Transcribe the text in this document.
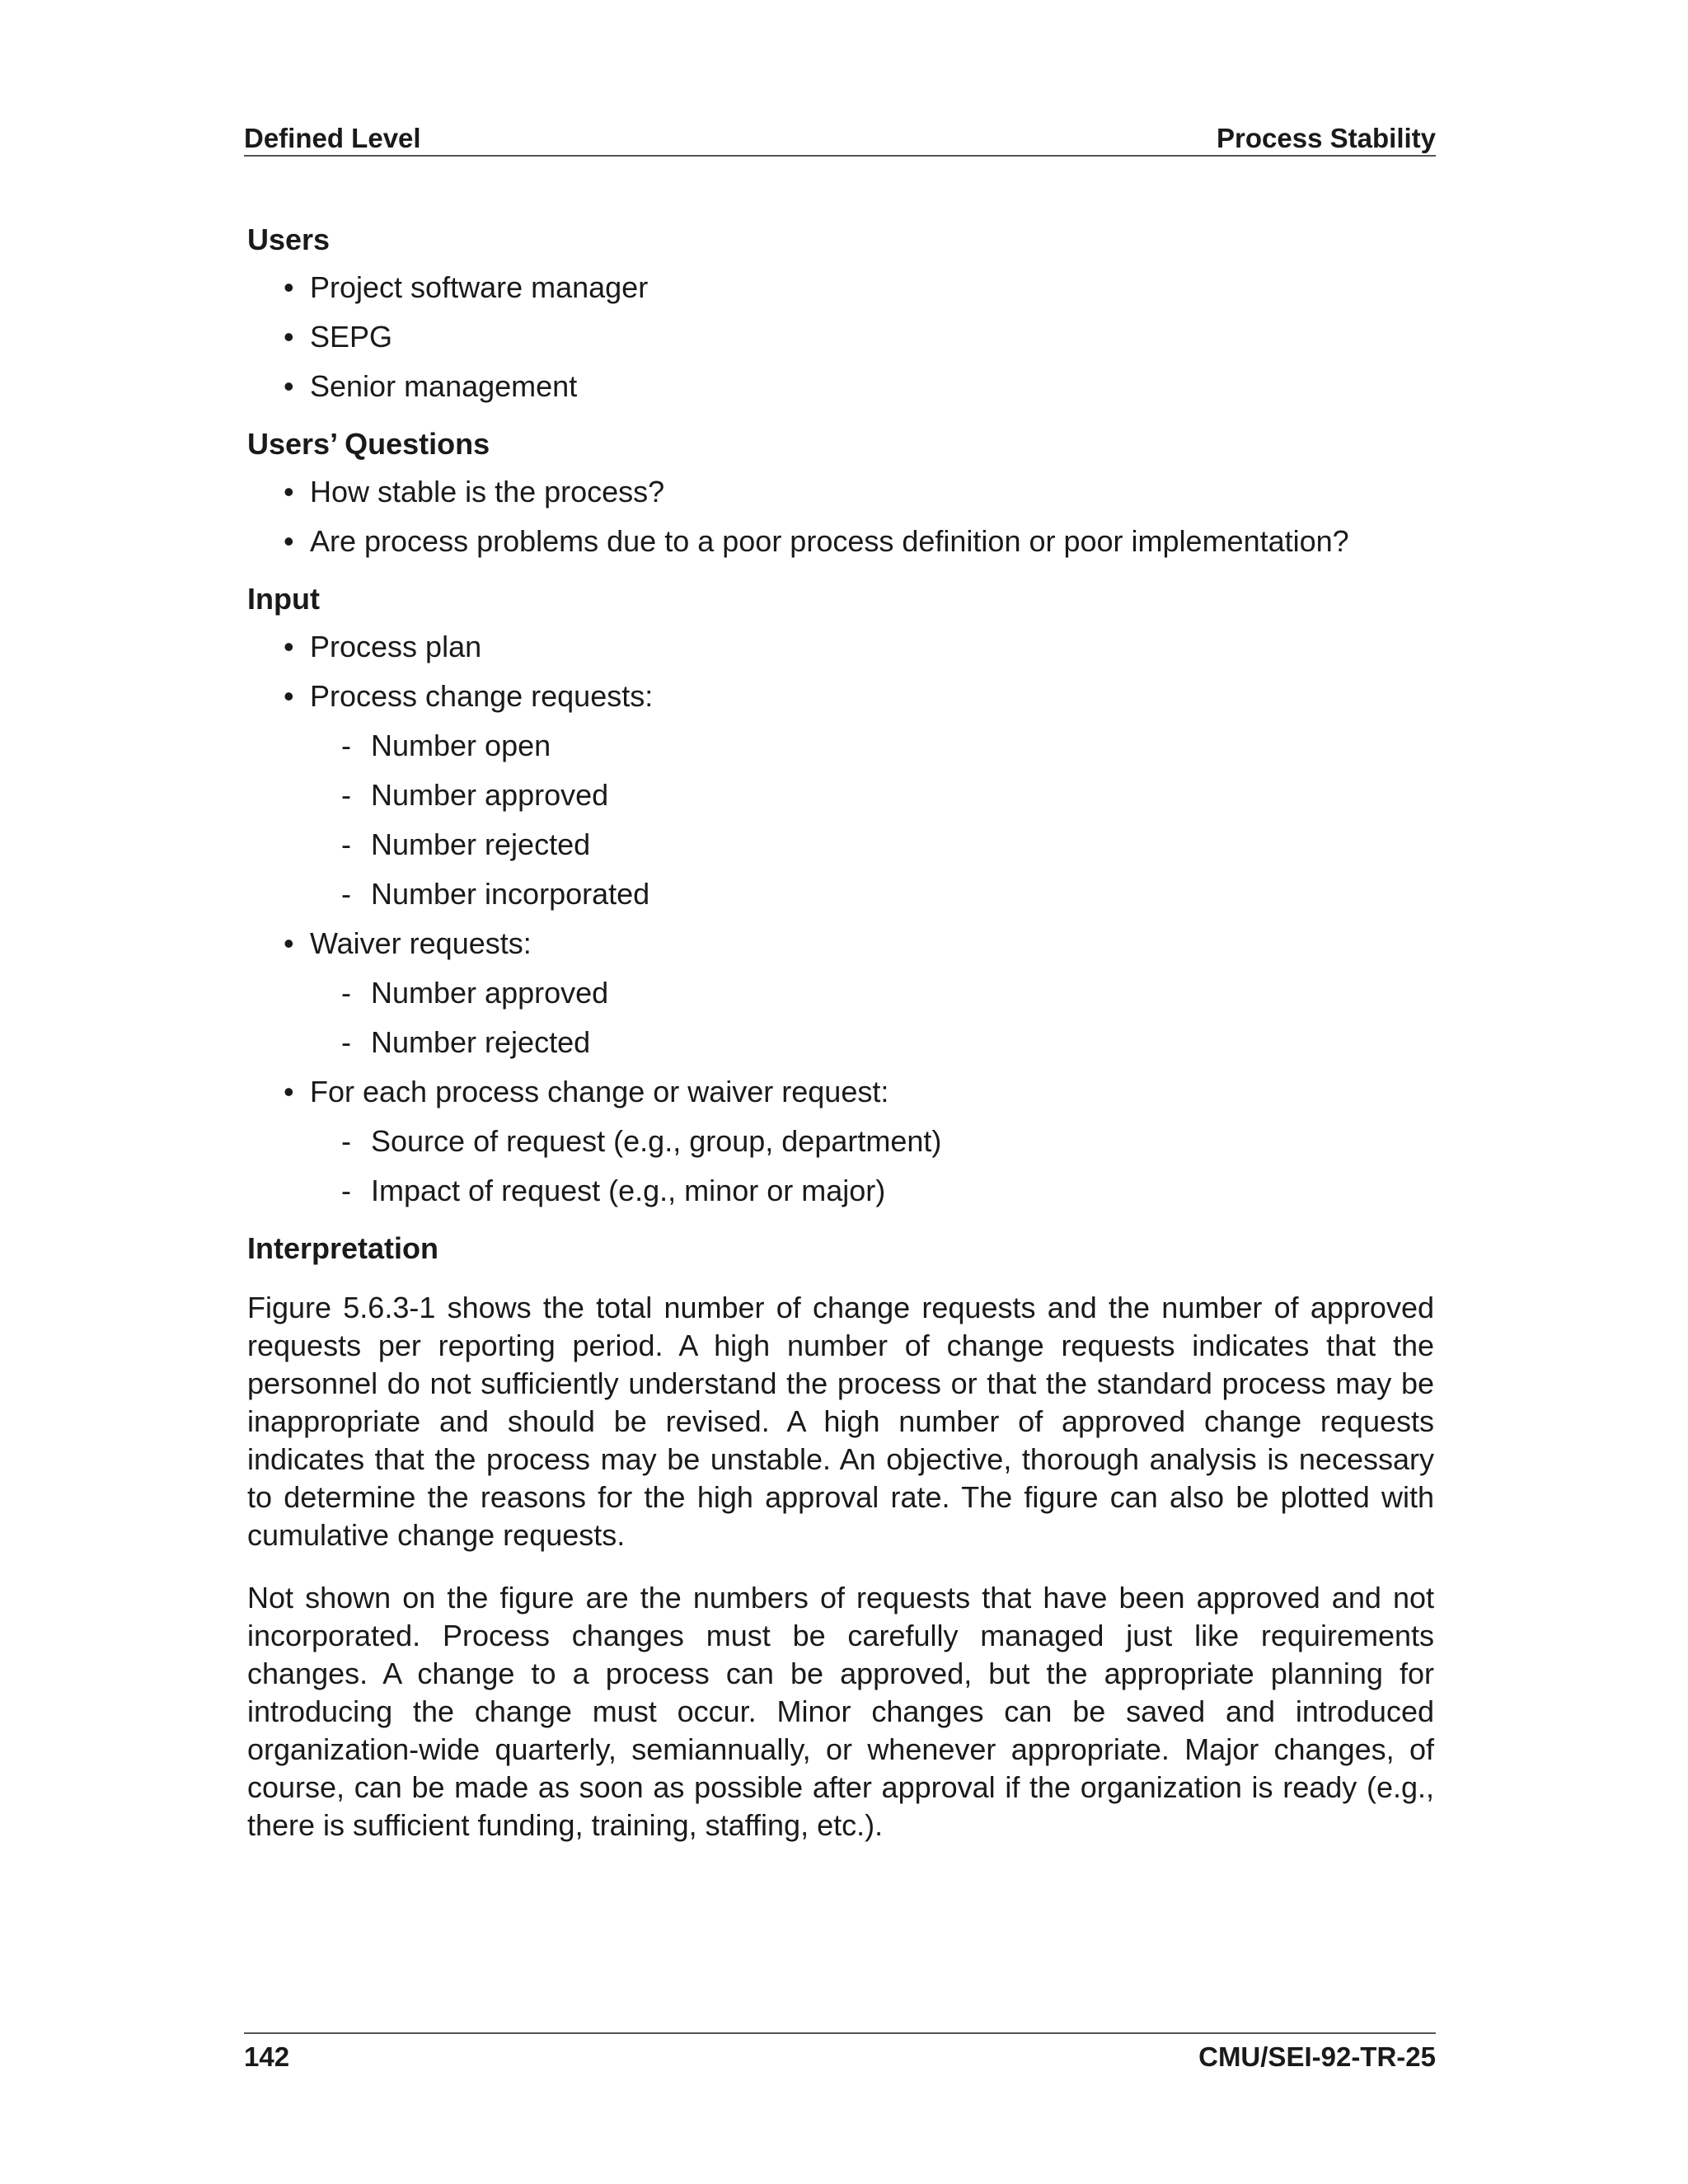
Defined Level	Process Stability
Users
• Project software manager
• SEPG
• Senior management
Users’ Questions
• How stable is the process?
• Are process problems due to a poor process definition or poor implementation?
Input
• Process plan
• Process change requests:
- Number open
- Number approved
- Number rejected
- Number incorporated
• Waiver requests:
- Number approved
- Number rejected
• For each process change or waiver request:
- Source of request (e.g., group, department)
- Impact of request (e.g., minor or major)
Interpretation

Figure 5.6.3-1 shows the total number of change requests and the number of approved requests per reporting period. A high number of change requests indicates that the personnel do not sufficiently understand the process or that the standard process may be inappropriate and should be revised. A high number of approved change requests indicates that the process may be unstable. An objective, thorough analysis is necessary to determine the reasons for the high approval rate. The figure can also be plotted with cumulative change requests.

Not shown on the figure are the numbers of requests that have been approved and not incorporated. Process changes must be carefully managed just like requirements changes. A change to a process can be approved, but the appropriate planning for introducing the change must occur. Minor changes can be saved and introduced organization-wide quarterly, semiannually, or whenever appropriate. Major changes, of course, can be made as soon as possible after approval if the organization is ready (e.g., there is sufficient funding, training, staffing, etc.).

142	CMU/SEI-92-TR-25
